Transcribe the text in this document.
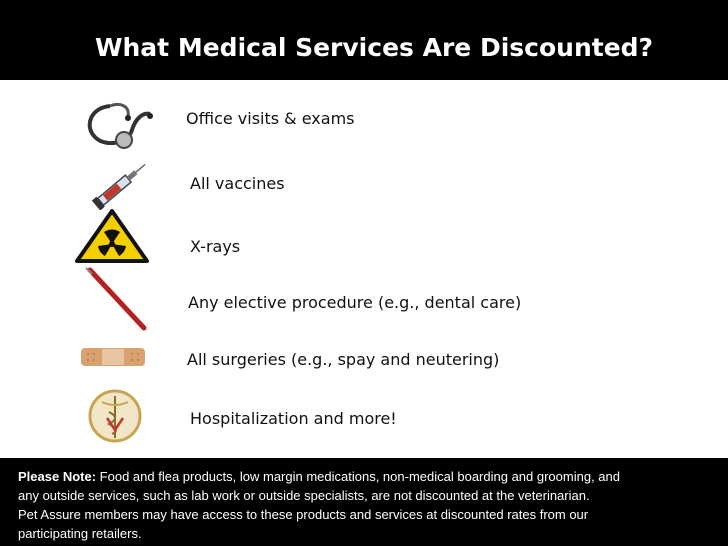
What Medical Services Are Discounted?
Office visits & exams
All vaccines
X-rays
Any elective procedure (e.g., dental care)
All surgeries (e.g., spay and neutering)
Hospitalization and more!

Please Note: Food and flea products, low margin medications, non-medical boarding and grooming, and

any outside services, such as lab work or outside specialists, are not discounted at the veterinarian.

Pet Assure members may have access to these products and services at discounted rates from our

participating retailers.
